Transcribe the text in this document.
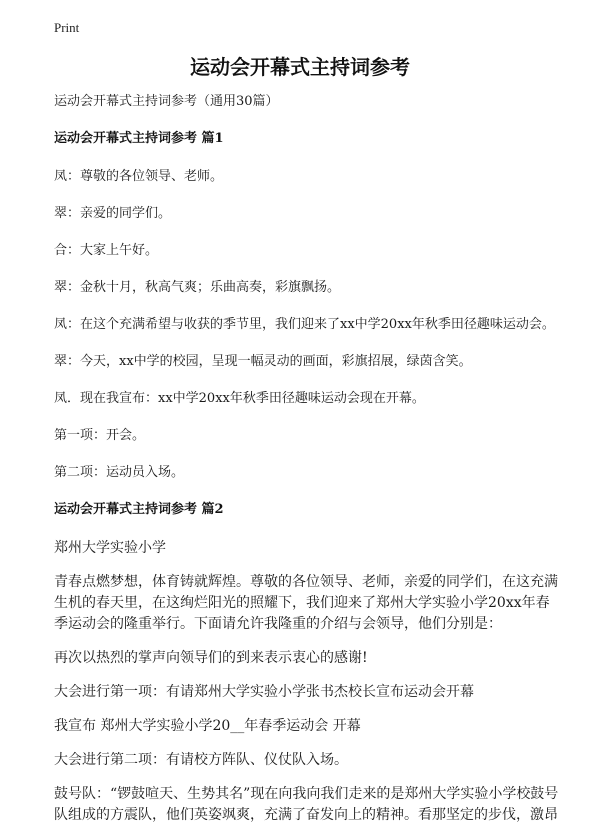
Print
运动会开幕式主持词参考

运动会开幕式主持词参考（通用30篇）

运动会开幕式主持词参考 篇1

凤：尊敬的各位领导、老师。

翠：亲爱的同学们。

合：大家上午好。

翠：金秋十月，秋高气爽；乐曲高奏，彩旗飘扬。

凤：在这个充满希望与收获的季节里，我们迎来了xx中学20xx年秋季田径趣味运动会。

翠：今天，xx中学的校园，呈现一幅灵动的画面，彩旗招展，绿茵含笑。

凤．现在我宣布：xx中学20xx年秋季田径趣味运动会现在开幕。

第一项：开会。

第二项：运动员入场。

运动会开幕式主持词参考 篇2

郑州大学实验小学

青春点燃梦想，体育铸就辉煌。尊敬的各位领导、老师，亲爱的同学们，在这充满生机的春天里，在这绚烂阳光的照耀下，我们迎来了郑州大学实验小学20xx年春季运动会的隆重举行。下面请允许我隆重的介绍与会领导，他们分别是：

再次以热烈的掌声向领导们的到来表示衷心的感谢!

大会进行第一项：有请郑州大学实验小学张书杰校长宣布运动会开幕

我宣布 郑州大学实验小学20__年春季运动会 开幕

大会进行第二项：有请校方阵队、仪仗队入场。

鼓号队：“锣鼓喧天、生势其名”现在向我向我们走来的是郑州大学实验小学校鼓号队组成的方震队，他们英姿飒爽，充满了奋发向上的精神。看那坚定的步伐，激昂
